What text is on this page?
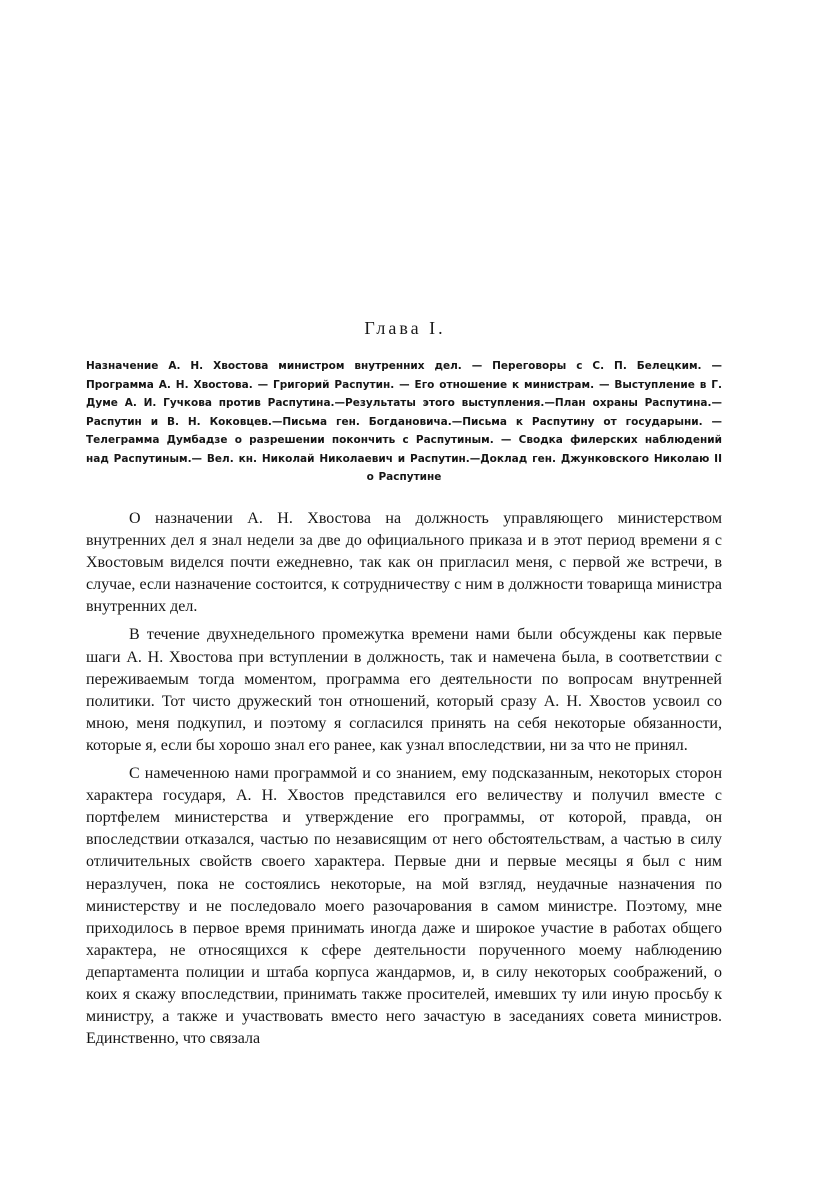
Глава I.
Назначение А. Н. Хвостова министром внутренних дел. — Переговоры с С. П. Белецким. — Программа А. Н. Хвостова. — Григорий Распутин. — Его отношение к министрам. — Выступление в Г. Думе А. И. Гучкова против Распутина.—Результаты этого выступления.—План охраны Распутина.—Распутин и В. Н. Коковцев.—Письма ген. Богдановича.—Письма к Распутину от государыни. — Телеграмма Думбадзе о разрешении покончить с Распутиным. — Сводка филерских наблюдений над Распутиным.— Вел. кн. Николай Николаевич и Распутин.—Доклад ген. Джунковского Николаю II о Распутине

О назначении А. Н. Хвостова на должность управляющего министерством внутренних дел я знал недели за две до официального приказа и в этот период времени я с Хвостовым виделся почти ежедневно, так как он пригласил меня, с первой же встречи, в случае, если назначение состоится, к сотрудничеству с ним в должности товарища министра внутренних дел.

В течение двухнедельного промежутка времени нами были обсуждены как первые шаги А. Н. Хвостова при вступлении в должность, так и намечена была, в соответствии с переживаемым тогда моментом, программа его деятельности по вопросам внутренней политики. Тот чисто дружеский тон отношений, который сразу А. Н. Хвостов усвоил со мною, меня подкупил, и поэтому я согласился принять на себя некоторые обязанности, которые я, если бы хорошо знал его ранее, как узнал впоследствии, ни за что не принял.

С намеченною нами программой и со знанием, ему подсказанным, некоторых сторон характера государя, А. Н. Хвостов представился его величеству и получил вместе с портфелем министерства и утверждение его программы, от которой, правда, он впоследствии отказался, частью по независящим от него обстоятельствам, а частью в силу отличительных свойств своего характера. Первые дни и первые месяцы я был с ним неразлучен, пока не состоялись некоторые, на мой взгляд, неудачные назначения по министерству и не последовало моего разочарования в самом министре. Поэтому, мне приходилось в первое время принимать иногда даже и широкое участие в работах общего характера, не относящихся к сфере деятельности порученного моему наблюдению департамента полиции и штаба корпуса жандармов, и, в силу некоторых соображений, о коих я скажу впоследствии, принимать также просителей, имевших ту или иную просьбу к министру, а также и участвовать вместо него зачастую в заседаниях совета министров. Единственно, что связала
